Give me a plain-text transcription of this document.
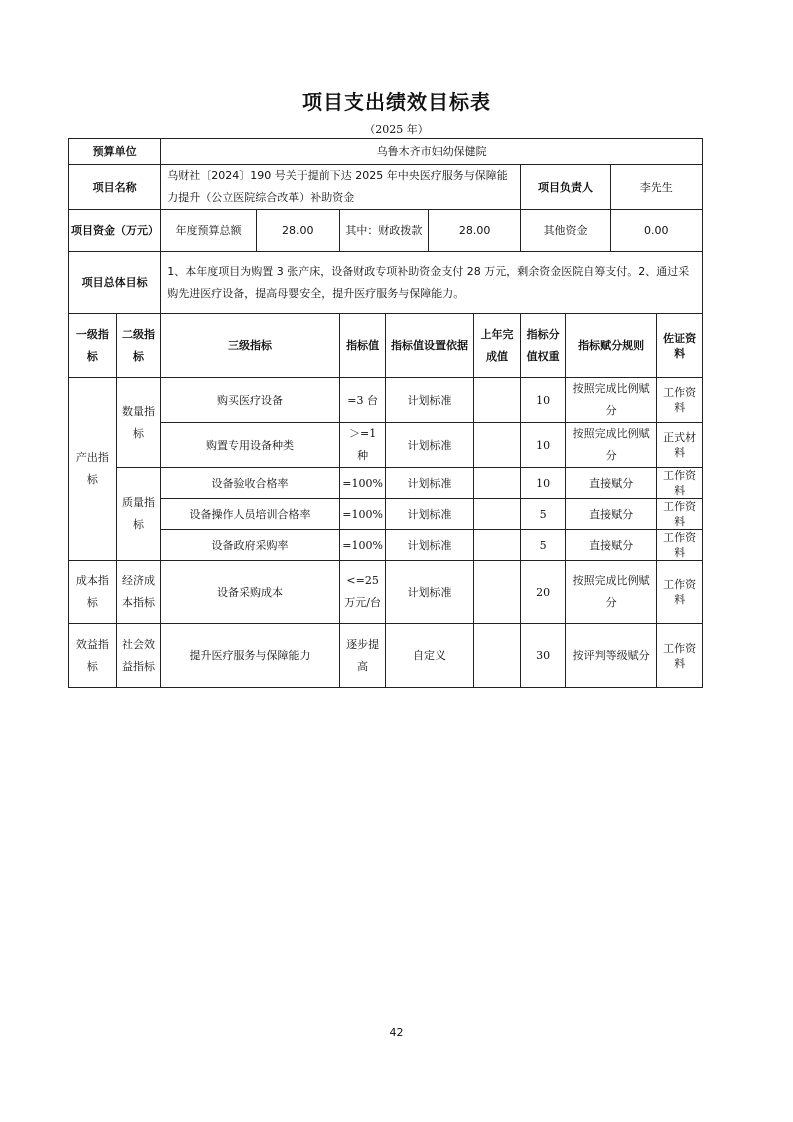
项目支出绩效目标表
（2025 年）
预算单位		乌鲁木齐市妇幼保健院									
项目名称		乌财社〔2024〕190 号关于提前下达 2025 年中央医疗服务与保障能力提升（公立医院综合改革）补助资金						项目负责人		李先生	
项目资金（万元）		年度预算总额	28.00	其中：财政拨款		28.00		其他资金		0.00	
项目总体目标		1、本年度项目为购置 3 张产床，设备财政专项补助资金支付 28 万元，剩余资金医院自筹支付。2、通过采购先进医疗设备，提高母婴安全，提升医疗服务与保障能力。									
一级指标	二级指标	三级指标		指标值	指标值设置依据		上年完成值	指标分值权重	指标赋分规则		佐证资料
产出指标	数量指标	购买医疗设备		=3 台	计划标准			10	按照完成比例赋分		工作资料
		购置专用设备种类		＞=1 种	计划标准			10	按照完成比例赋分		正式材料
	质量指标	设备验收合格率		=100%	计划标准			10	直接赋分		工作资料
		设备操作人员培训合格率		=100%	计划标准			5	直接赋分		工作资料
		设备政府采购率		=100%	计划标准			5	直接赋分		工作资料
成本指标	经济成本指标	设备采购成本		<=25 万元/台	计划标准			20	按照完成比例赋分		工作资料
效益指标	社会效益指标	提升医疗服务与保障能力		逐步提高	自定义			30	按评判等级赋分		工作资料
42
